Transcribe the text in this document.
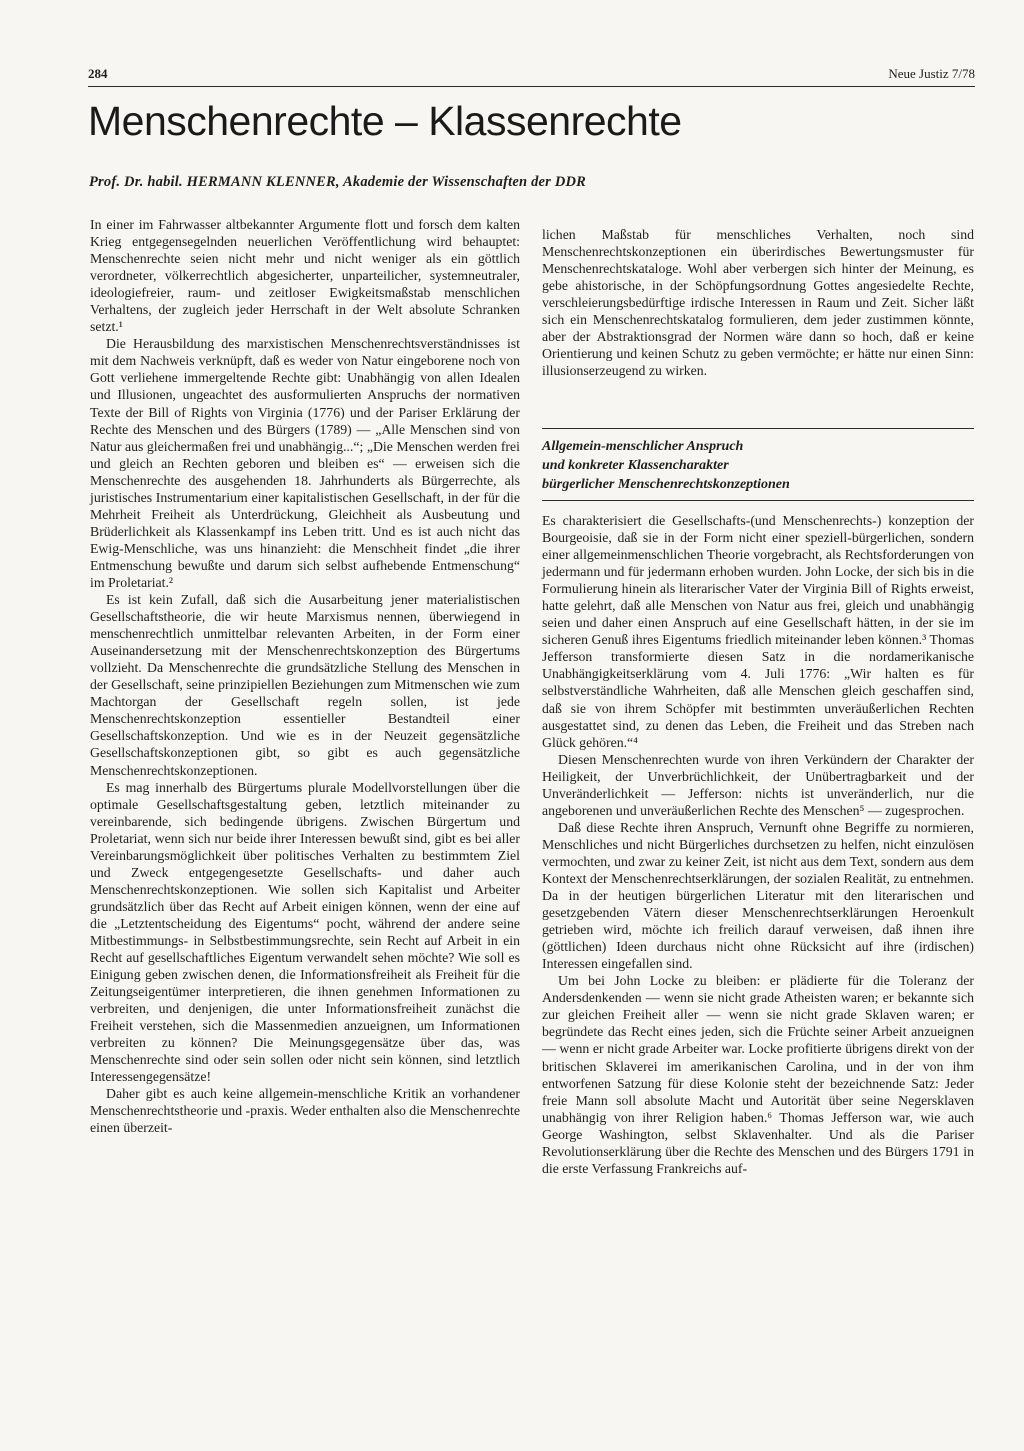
284	Neue Justiz 7/78
Menschenrechte – Klassenrechte

Prof. Dr. habil. HERMANN KLENNER, Akademie der Wissenschaften der DDR

In einer im Fahrwasser altbekannter Argumente flott und forsch dem kalten Krieg entgegensegelnden neuerlichen Veröffentlichung wird behauptet: Menschenrechte seien nicht mehr und nicht weniger als ein göttlich verordneter, völkerrechtlich abgesicherter, unparteilicher, systemneutraler, ideologiefreier, raum- und zeitloser Ewigkeitsmaßstab menschlichen Verhaltens, der zugleich jeder Herrschaft in der Welt absolute Schranken setzt.¹

Die Herausbildung des marxistischen Menschenrechtsverständnisses ist mit dem Nachweis verknüpft, daß es weder von Natur eingeborene noch von Gott verliehene immergeltende Rechte gibt: Unabhängig von allen Idealen und Illusionen, ungeachtet des ausformulierten Anspruchs der normativen Texte der Bill of Rights von Virginia (1776) und der Pariser Erklärung der Rechte des Menschen und des Bürgers (1789) — „Alle Menschen sind von Natur aus gleichermaßen frei und unabhängig...“; „Die Menschen werden frei und gleich an Rechten geboren und bleiben es“ — erweisen sich die Menschenrechte des ausgehenden 18. Jahrhunderts als Bürgerrechte, als juristisches Instrumentarium einer kapitalistischen Gesellschaft, in der für die Mehrheit Freiheit als Unterdrückung, Gleichheit als Ausbeutung und Brüderlichkeit als Klassenkampf ins Leben tritt. Und es ist auch nicht das Ewig-Menschliche, was uns hinanzieht: die Menschheit findet „die ihrer Entmenschung bewußte und darum sich selbst aufhebende Entmenschung“ im Proletariat.²

Es ist kein Zufall, daß sich die Ausarbeitung jener materialistischen Gesellschaftstheorie, die wir heute Marxismus nennen, überwiegend in menschenrechtlich unmittelbar relevanten Arbeiten, in der Form einer Auseinandersetzung mit der Menschenrechtskonzeption des Bürgertums vollzieht. Da Menschenrechte die grundsätzliche Stellung des Menschen in der Gesellschaft, seine prinzipiellen Beziehungen zum Mitmenschen wie zum Machtorgan der Gesellschaft regeln sollen, ist jede Menschenrechtskonzeption essentieller Bestandteil einer Gesellschaftskonzeption. Und wie es in der Neuzeit gegensätzliche Gesellschaftskonzeptionen gibt, so gibt es auch gegensätzliche Menschenrechtskonzeptionen.

Es mag innerhalb des Bürgertums plurale Modellvorstellungen über die optimale Gesellschaftsgestaltung geben, letztlich miteinander zu vereinbarende, sich bedingende übrigens. Zwischen Bürgertum und Proletariat, wenn sich nur beide ihrer Interessen bewußt sind, gibt es bei aller Vereinbarungsmöglichkeit über politisches Verhalten zu bestimmtem Ziel und Zweck entgegengesetzte Gesellschafts- und daher auch Menschenrechtskonzeptionen. Wie sollen sich Kapitalist und Arbeiter grundsätzlich über das Recht auf Arbeit einigen können, wenn der eine auf die „Letztentscheidung des Eigentums“ pocht, während der andere seine Mitbestimmungs- in Selbstbestimmungsrechte, sein Recht auf Arbeit in ein Recht auf gesellschaftliches Eigentum verwandelt sehen möchte? Wie soll es Einigung geben zwischen denen, die Informationsfreiheit als Freiheit für die Zeitungseigentümer interpretieren, die ihnen genehmen Informationen zu verbreiten, und denjenigen, die unter Informationsfreiheit zunächst die Freiheit verstehen, sich die Massenmedien anzueignen, um Informationen verbreiten zu können? Die Meinungsgegensätze über das, was Menschenrechte sind oder sein sollen oder nicht sein können, sind letztlich Interessengegensätze!

Daher gibt es auch keine allgemein-menschliche Kritik an vorhandener Menschenrechtstheorie und -praxis. Weder enthalten also die Menschenrechte einen überzeit-

lichen Maßstab für menschliches Verhalten, noch sind Menschenrechtskonzeptionen ein überirdisches Bewertungsmuster für Menschenrechtskataloge. Wohl aber verbergen sich hinter der Meinung, es gebe ahistorische, in der Schöpfungsordnung Gottes angesiedelte Rechte, verschleierungsbedürftige irdische Interessen in Raum und Zeit. Sicher läßt sich ein Menschenrechtskatalog formulieren, dem jeder zustimmen könnte, aber der Abstraktionsgrad der Normen wäre dann so hoch, daß er keine Orientierung und keinen Schutz zu geben vermöchte; er hätte nur einen Sinn: illusionserzeugend zu wirken.

Allgemein-menschlicher Anspruch
und konkreter Klassencharakter
bürgerlicher Menschenrechtskonzeptionen

Es charakterisiert die Gesellschafts-(und Menschenrechts-) konzeption der Bourgeoisie, daß sie in der Form nicht einer speziell-bürgerlichen, sondern einer allgemeinmenschlichen Theorie vorgebracht, als Rechtsforderungen von jedermann und für jedermann erhoben wurden. John Locke, der sich bis in die Formulierung hinein als literarischer Vater der Virginia Bill of Rights erweist, hatte gelehrt, daß alle Menschen von Natur aus frei, gleich und unabhängig seien und daher einen Anspruch auf eine Gesellschaft hätten, in der sie im sicheren Genuß ihres Eigentums friedlich miteinander leben können.³ Thomas Jefferson transformierte diesen Satz in die nordamerikanische Unabhängigkeitserklärung vom 4. Juli 1776: „Wir halten es für selbstverständliche Wahrheiten, daß alle Menschen gleich geschaffen sind, daß sie von ihrem Schöpfer mit bestimmten unveräußerlichen Rechten ausgestattet sind, zu denen das Leben, die Freiheit und das Streben nach Glück gehören.“⁴

Diesen Menschenrechten wurde von ihren Verkündern der Charakter der Heiligkeit, der Unverbrüchlichkeit, der Unübertragbarkeit und der Unveränderlichkeit — Jefferson: nichts ist unveränderlich, nur die angeborenen und unveräußerlichen Rechte des Menschen⁵ — zugesprochen.

Daß diese Rechte ihren Anspruch, Vernunft ohne Begriffe zu normieren, Menschliches und nicht Bürgerliches durchsetzen zu helfen, nicht einzulösen vermochten, und zwar zu keiner Zeit, ist nicht aus dem Text, sondern aus dem Kontext der Menschenrechtserklärungen, der sozialen Realität, zu entnehmen. Da in der heutigen bürgerlichen Literatur mit den literarischen und gesetzgebenden Vätern dieser Menschenrechtserklärungen Heroenkult getrieben wird, möchte ich freilich darauf verweisen, daß ihnen ihre (göttlichen) Ideen durchaus nicht ohne Rücksicht auf ihre (irdischen) Interessen eingefallen sind.

Um bei John Locke zu bleiben: er plädierte für die Toleranz der Andersdenkenden — wenn sie nicht grade Atheisten waren; er bekannte sich zur gleichen Freiheit aller — wenn sie nicht grade Sklaven waren; er begründete das Recht eines jeden, sich die Früchte seiner Arbeit anzueignen — wenn er nicht grade Arbeiter war. Locke profitierte übrigens direkt von der britischen Sklaverei im amerikanischen Carolina, und in der von ihm entworfenen Satzung für diese Kolonie steht der bezeichnende Satz: Jeder freie Mann soll absolute Macht und Autorität über seine Negersklaven unabhängig von ihrer Religion haben.⁶ Thomas Jefferson war, wie auch George Washington, selbst Sklavenhalter. Und als die Pariser Revolutionserklärung über die Rechte des Menschen und des Bürgers 1791 in die erste Verfassung Frankreichs auf-
